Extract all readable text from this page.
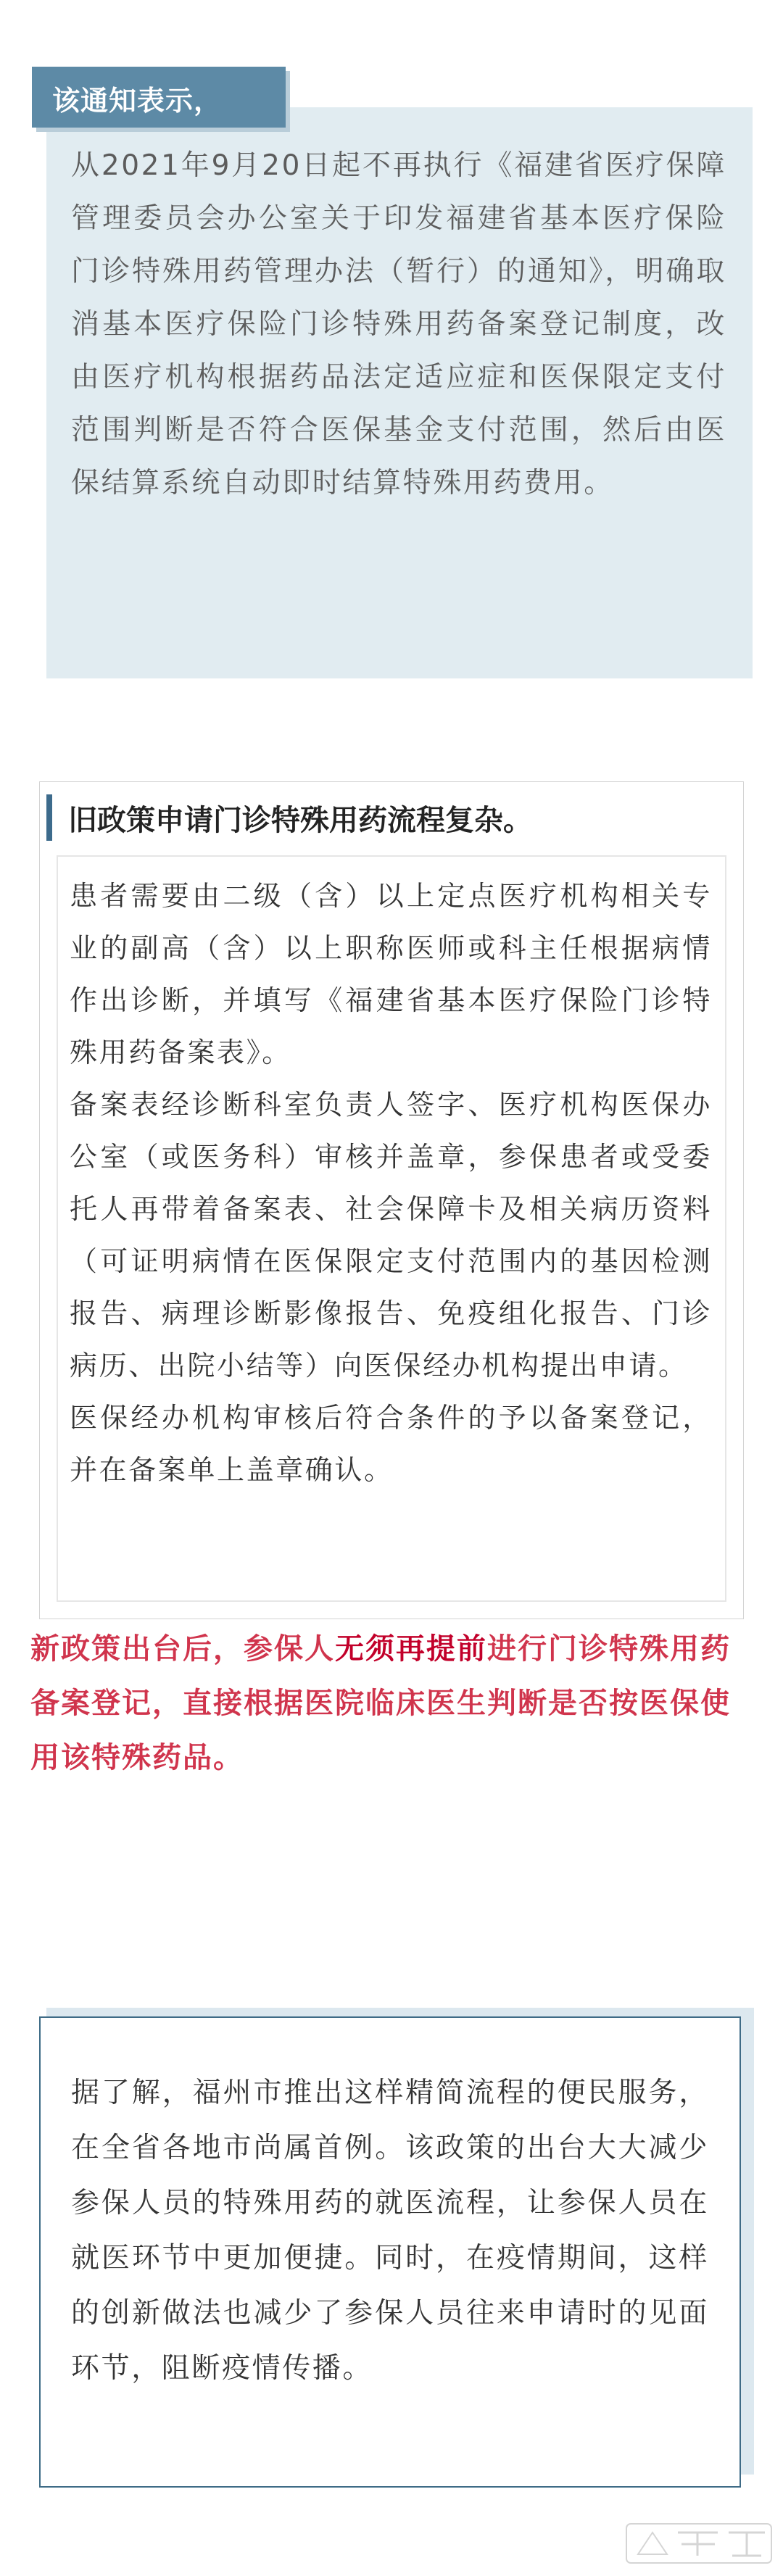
该通知表示，
从2021年9月20日起不再执行《福建省医疗保障管理委员会办公室关于印发福建省基本医疗保险门诊特殊用药管理办法（暂行）的通知》，明确取消基本医疗保险门诊特殊用药备案登记制度，改由医疗机构根据药品法定适应症和医保限定支付范围判断是否符合医保基金支付范围，然后由医保结算系统自动即时结算特殊用药费用。
旧政策申请门诊特殊用药流程复杂。

患者需要由二级（含）以上定点医疗机构相关专业的副高（含）以上职称医师或科主任根据病情作出诊断，并填写《福建省基本医疗保险门诊特殊用药备案表》。

备案表经诊断科室负责人签字、医疗机构医保办公室（或医务科）审核并盖章，参保患者或受委托人再带着备案表、社会保障卡及相关病历资料（可证明病情在医保限定支付范围内的基因检测报告、病理诊断影像报告、免疫组化报告、门诊病历、出院小结等）向医保经办机构提出申请。

医保经办机构审核后符合条件的予以备案登记，并在备案单上盖章确认。

新政策出台后，参保人无须再提前进行门诊特殊用药备案登记，直接根据医院临床医生判断是否按医保使用该特殊药品。
据了解，福州市推出这样精简流程的便民服务，在全省各地市尚属首例。该政策的出台大大减少参保人员的特殊用药的就医流程，让参保人员在就医环节中更加便捷。同时，在疫情期间，这样的创新做法也减少了参保人员往来申请时的见面环节，阻断疫情传播。
